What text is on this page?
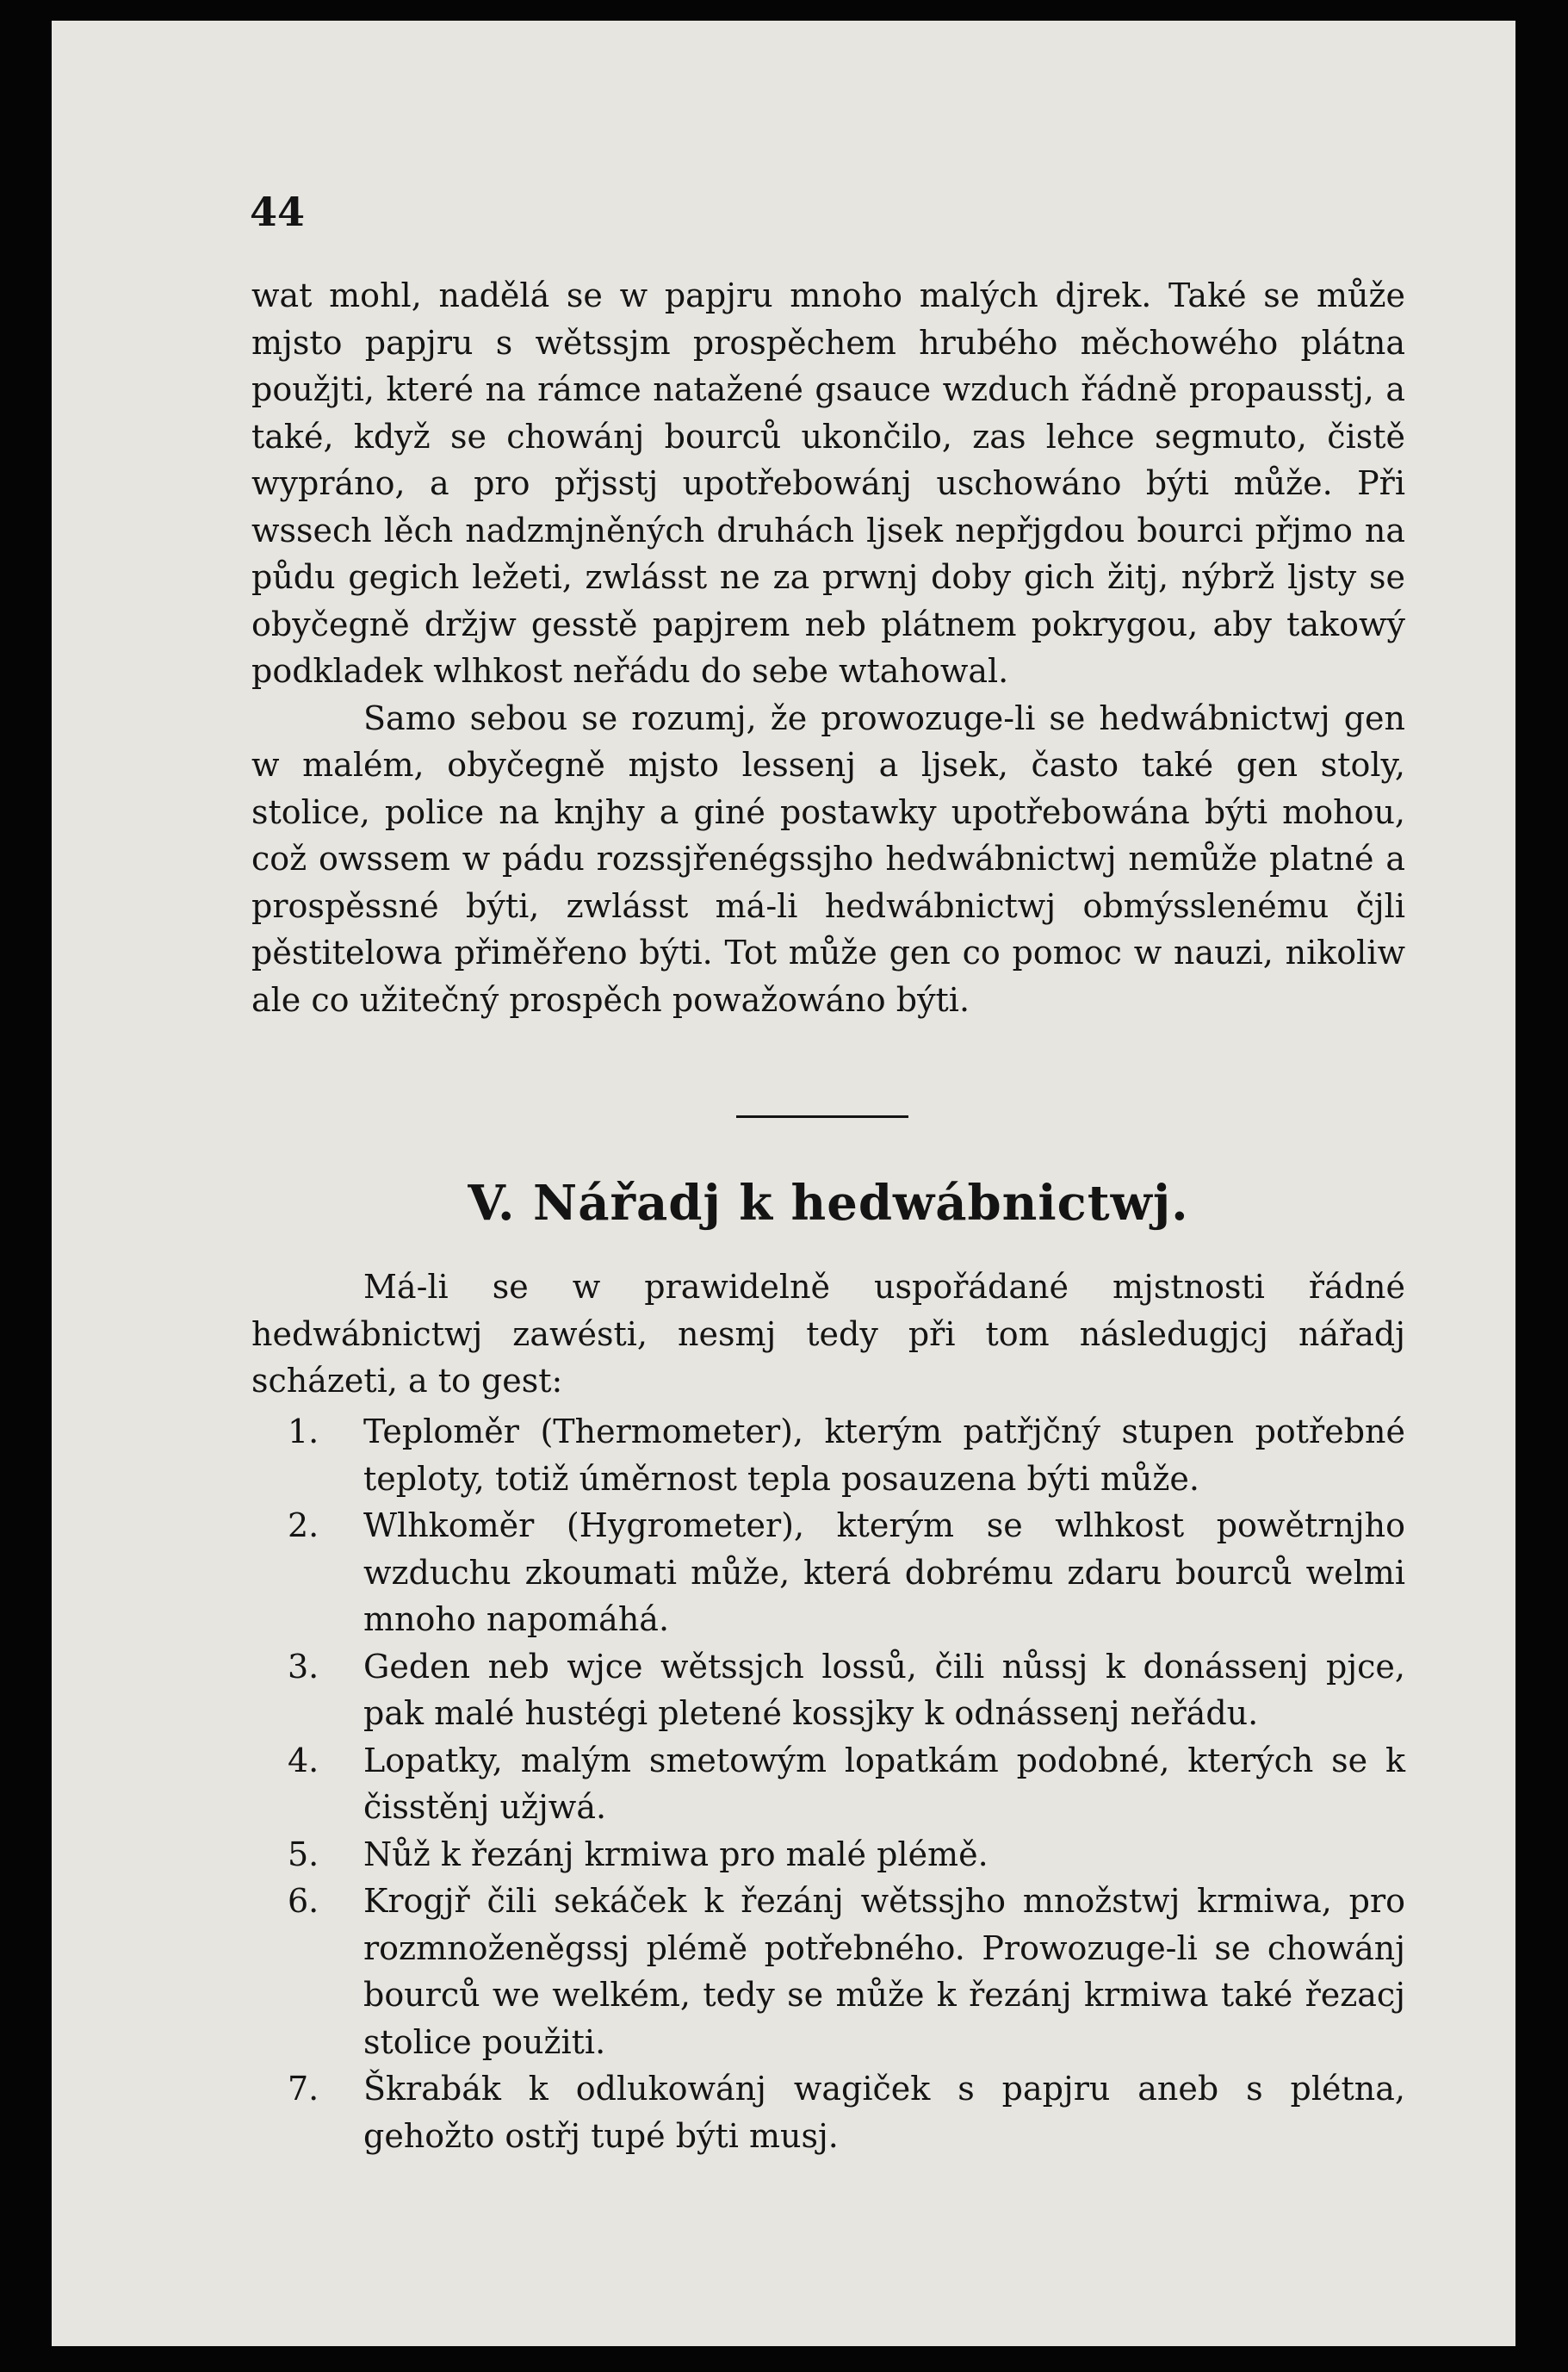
44

wat mohl, nadělá se w papjru mnoho malých djrek. Také se může mjsto papjru s wětssjm prospěchem hrubého měchowého plátna použjti, které na rámce natažené gsauce wzduch řádně propausstj, a také, když se chowánj bourců ukončilo, zas lehce segmuto, čistě wypráno, a pro přjsstj upotřebowánj uschowáno býti může. Při wssech lěch nadzmjněných druhách ljsek nepřjgdou bourci přjmo na půdu gegich ležeti, zwlásst ne za prwnj doby gich žitj, nýbrž ljsty se obyčegně držjw gesstě papjrem neb plátnem pokrygou, aby takowý podkladek wlhkost neřádu do sebe wtahowal.

Samo sebou se rozumj, že prowozuge-li se hedwábnictwj gen w malém, obyčegně mjsto lessenj a ljsek, často také gen stoly, stolice, police na knjhy a giné postawky upotřebowána býti mohou, což owssem w pádu rozssjřenégssjho hedwábnictwj nemůže platné a prospěssné býti, zwlásst má-li hedwábnictwj obmýsslenému čjli pěstitelowa přiměřeno býti. Tot může gen co pomoc w nauzi, nikoliw ale co užitečný prospěch powažowáno býti.

V. Nářadj k hedwábnictwj.

Má-li se w prawidelně uspořádané mjstnosti řádné hedwábnictwj zawésti, nesmj tedy při tom následugjcj nářadj scházeti, a to gest:

1. Teploměr (Thermometer), kterým patřjčný stupen potřebné teploty, totiž úměrnost tepla posauzena býti může.
2. Wlhkoměr (Hygrometer), kterým se wlhkost powětrnjho wzduchu zkoumati může, která dobrému zdaru bourců welmi mnoho napomáhá.
3. Geden neb wjce wětssjch lossů, čili nůssj k donássenj pjce, pak malé hustégi pletené kossjky k odnássenj neřádu.
4. Lopatky, malým smetowým lopatkám podobné, kterých se k čisstěnj užjwá.
5. Nůž k řezánj krmiwa pro malé plémě.
6. Krogjř čili sekáček k řezánj wětssjho množstwj krmiwa, pro rozmnoženěgssj plémě potřebného. Prowozuge-li se chowánj bourců we welkém, tedy se může k řezánj krmiwa také řezacj stolice použiti.
7. Škrabák k odlukowánj wagiček s papjru aneb s plétna, gehožto ostřj tupé býti musj.
